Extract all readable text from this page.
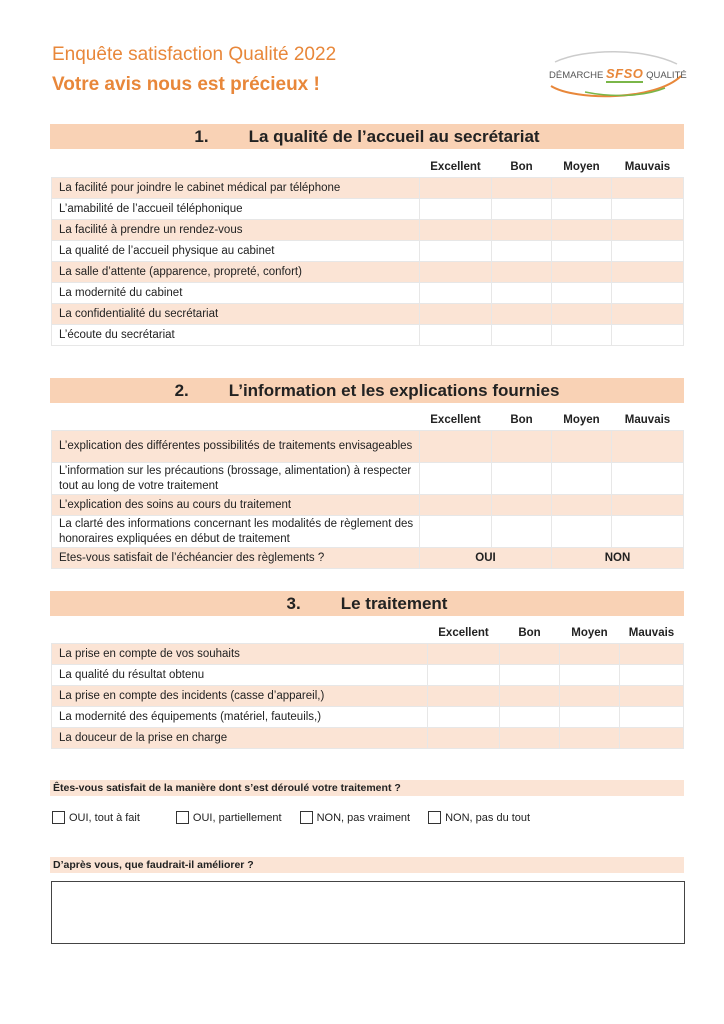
Enquête satisfaction Qualité 2022
Votre avis nous est précieux !	DÉMARCHE SFSO QUALITÉ
1. La qualité de l’accueil au secrétariat
	Excellent	Bon	Moyen	Mauvais
La facilité pour joindre le cabinet médical par téléphone				
L’amabilité de l’accueil téléphonique				
La facilité à prendre un rendez-vous				
La qualité de l’accueil physique au cabinet				
La salle d’attente (apparence, propreté, confort)				
La modernité du cabinet				
La confidentialité du secrétariat				
L’écoute du secrétariat				
2. L’information et les explications fournies
	Excellent	Bon	Moyen	Mauvais
L’explication des différentes possibilités de traitements envisageables				
L’information sur les précautions (brossage, alimentation) à respecter tout au long de votre traitement				
L’explication des soins au cours du traitement				
La clarté des informations concernant les modalités de règlement des honoraires expliquées en début de traitement				
Etes-vous satisfait de l’échéancier des règlements ?	OUI		NON	
3. Le traitement
	Excellent	Bon	Moyen	Mauvais
La prise en compte de vos souhaits				
La qualité du résultat obtenu				
La prise en compte des incidents (casse d’appareil,)				
La modernité des équipements (matériel, fauteuils,)				
La douceur de la prise en charge				
Êtes-vous satisfait de la manière dont s’est déroulé votre traitement ?
OUI, tout à fait	OUI, partiellement	NON, pas vraiment	NON, pas du tout
D’après vous, que faudrait-il améliorer ?
